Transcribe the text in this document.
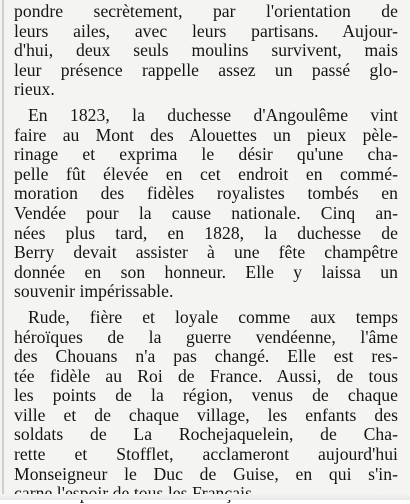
pondre secrètement, par l'orientation de
leurs ailes, avec leurs partisans. Aujour-
d'hui, deux seuls moulins survivent, mais
leur présence rappelle assez un passé glo-
rieux.
En 1823, la duchesse d'Angoulême vint
faire au Mont des Alouettes un pieux pèle-
rinage et exprima le désir qu'une cha-
pelle fût élevée en cet endroit en commé-
moration des fidèles royalistes tombés en
Vendée pour la cause nationale. Cinq an-
nées plus tard, en 1828, la duchesse de
Berry devait assister à une fête champêtre
donnée en son honneur. Elle y laissa un
souvenir impérissable.
Rude, fière et loyale comme aux temps
héroïques de la guerre vendéenne, l'âme
des Chouans n'a pas changé. Elle est res-
tée fidèle au Roi de France. Aussi, de tous
les points de la région, venus de chaque
ville et de chaque village, les enfants des
soldats de La Rochejaquelein, de Cha-
rette et Stofflet, acclameront aujourd'hui
Monseigneur le Duc de Guise, en qui s'in-
